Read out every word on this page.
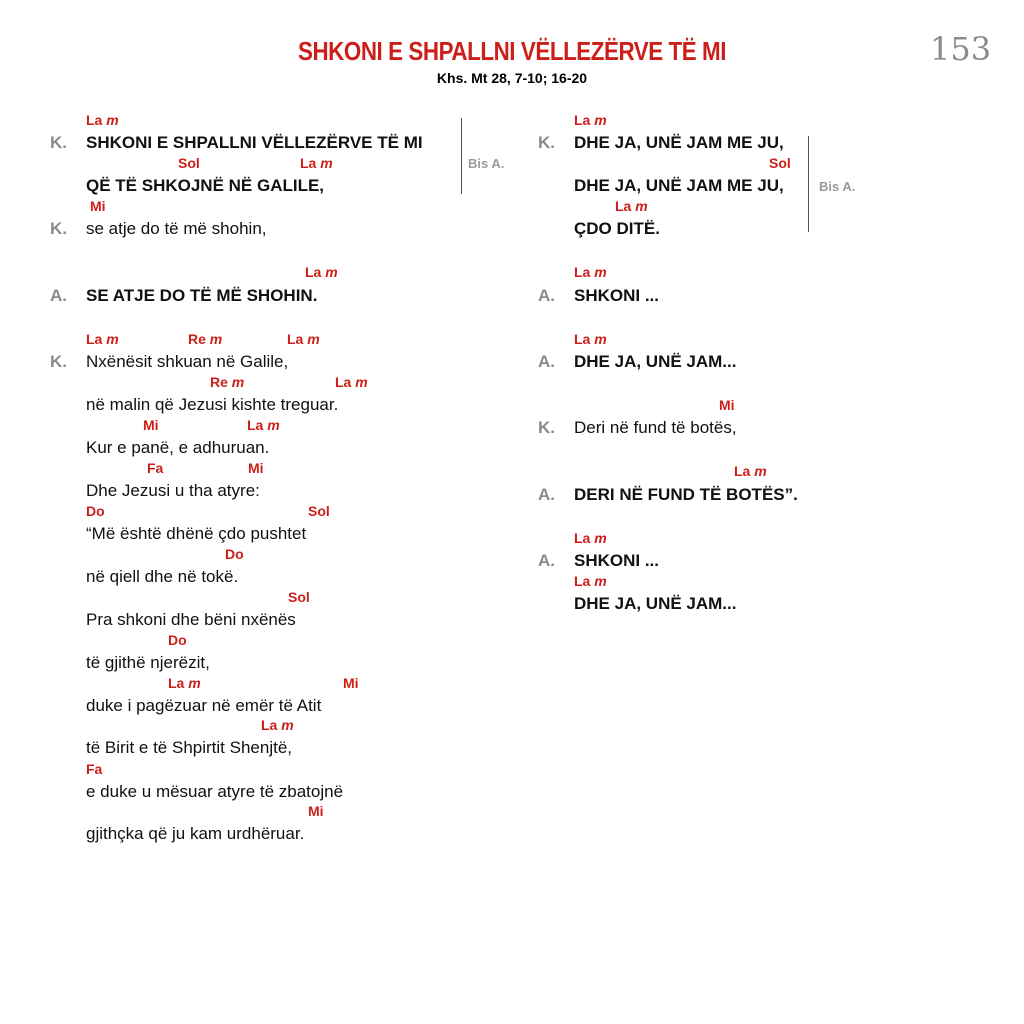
SHKONI E SHPALLNI VËLLEZËRVE TË MI
Khs. Mt 28, 7-10; 16-20
153
La m
K. SHKONI E SHPALLNI VËLLEZËRVE TË MI
Sol	La m
QË TË SHKOJNË NË GALILE,
Bis A.
Mi
K. se atje do të më shohin,
La m
A. SE ATJE DO TË MË SHOHIN.
La m	Re m	La m
K. Nxënësit shkuan në Galile,
Re m	La m
në malin që Jezusi kishte treguar.
Mi	La m
Kur e panë, e adhuruan.
Fa	Mi
Dhe Jezusi u tha atyre:
Do	Sol
“Më është dhënë çdo pushtet
Do
në qiell dhe në tokë.
Sol
Pra shkoni dhe bëni nxënës
Do
të gjithë njerëzit,
La m	Mi
duke i pagëzuar në emër të Atit
La m
të Birit e të Shpirtit Shenjtë,
Fa
e duke u mësuar atyre të zbatojnë
Mi
gjithçka që ju kam urdhëruar.
La m
K. DHE JA, UNË JAM ME JU,
Sol
DHE JA, UNË JAM ME JU,	Bis A.
La m
ÇDO DITË.
La m
A. SHKONI ...
La m
A. DHE JA, UNË JAM...
Mi
K. Deri në fund të botës,
La m
A. DERI NË FUND TË BOTËS”.
La m
A. SHKONI ...
La m
DHE JA, UNË JAM...
